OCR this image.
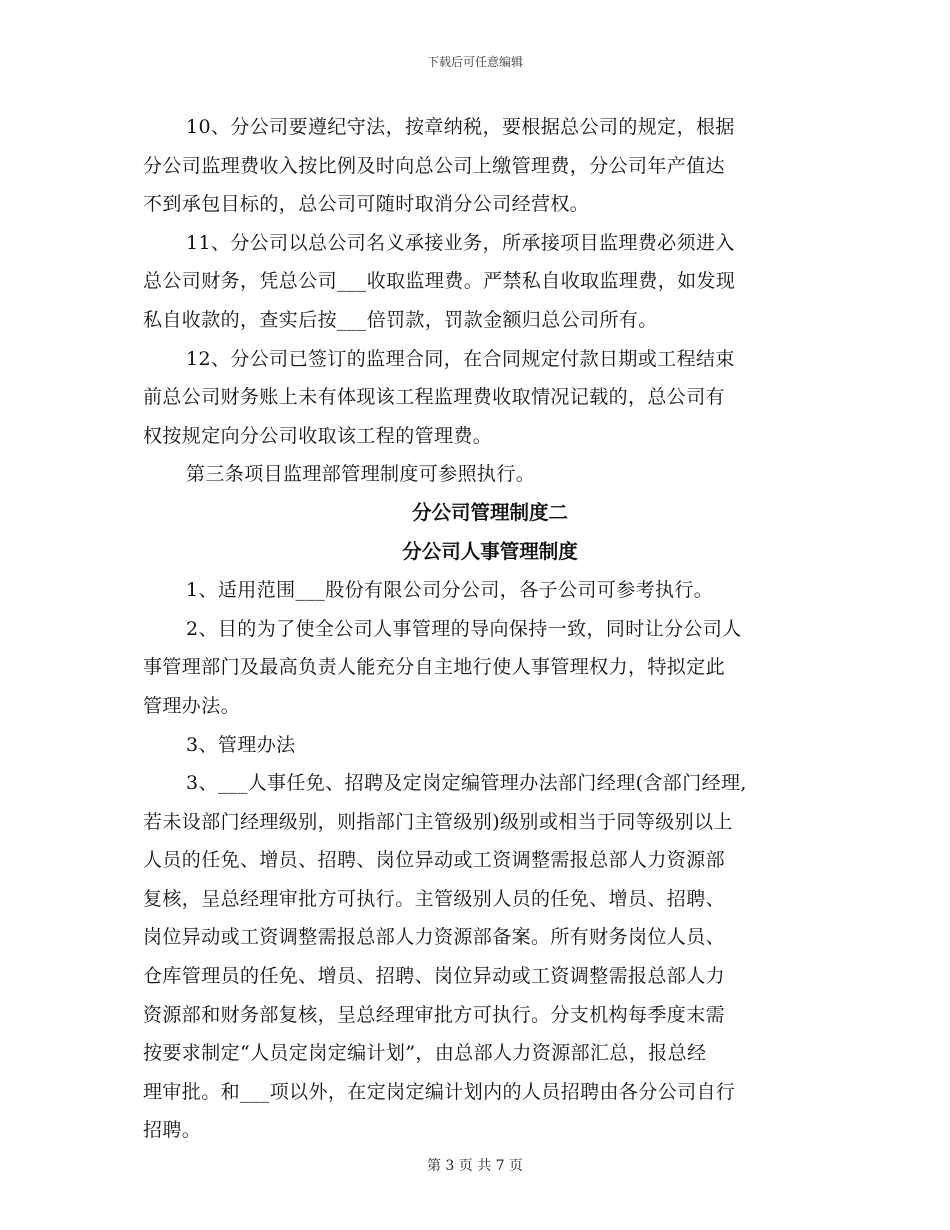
下载后可任意编辑

10、分公司要遵纪守法，按章纳税，要根据总公司的规定，根据

分公司监理费收入按比例及时向总公司上缴管理费，分公司年产值达

不到承包目标的，总公司可随时取消分公司经营权。

11、分公司以总公司名义承接业务，所承接项目监理费必须进入

总公司财务，凭总公司___收取监理费。严禁私自收取监理费，如发现

私自收款的，查实后按___倍罚款，罚款金额归总公司所有。

12、分公司已签订的监理合同，在合同规定付款日期或工程结束

前总公司财务账上未有体现该工程监理费收取情况记载的，总公司有

权按规定向分公司收取该工程的管理费。

第三条项目监理部管理制度可参照执行。

分公司管理制度二

分公司人事管理制度

1、适用范围___股份有限公司分公司，各子公司可参考执行。

2、目的为了使全公司人事管理的导向保持一致，同时让分公司人

事管理部门及最高负责人能充分自主地行使人事管理权力，特拟定此

管理办法。

3、管理办法

3、___人事任免、招聘及定岗定编管理办法部门经理(含部门经理,

若未设部门经理级别，则指部门主管级别)级别或相当于同等级别以上

人员的任免、增员、招聘、岗位异动或工资调整需报总部人力资源部

复核，呈总经理审批方可执行。主管级别人员的任免、增员、招聘、

岗位异动或工资调整需报总部人力资源部备案。所有财务岗位人员、

仓库管理员的任免、增员、招聘、岗位异动或工资调整需报总部人力

资源部和财务部复核，呈总经理审批方可执行。分支机构每季度末需

按要求制定“人员定岗定编计划”，由总部人力资源部汇总，报总经

理审批。和___项以外，在定岗定编计划内的人员招聘由各分公司自行

招聘。

第 3 页 共 7 页
